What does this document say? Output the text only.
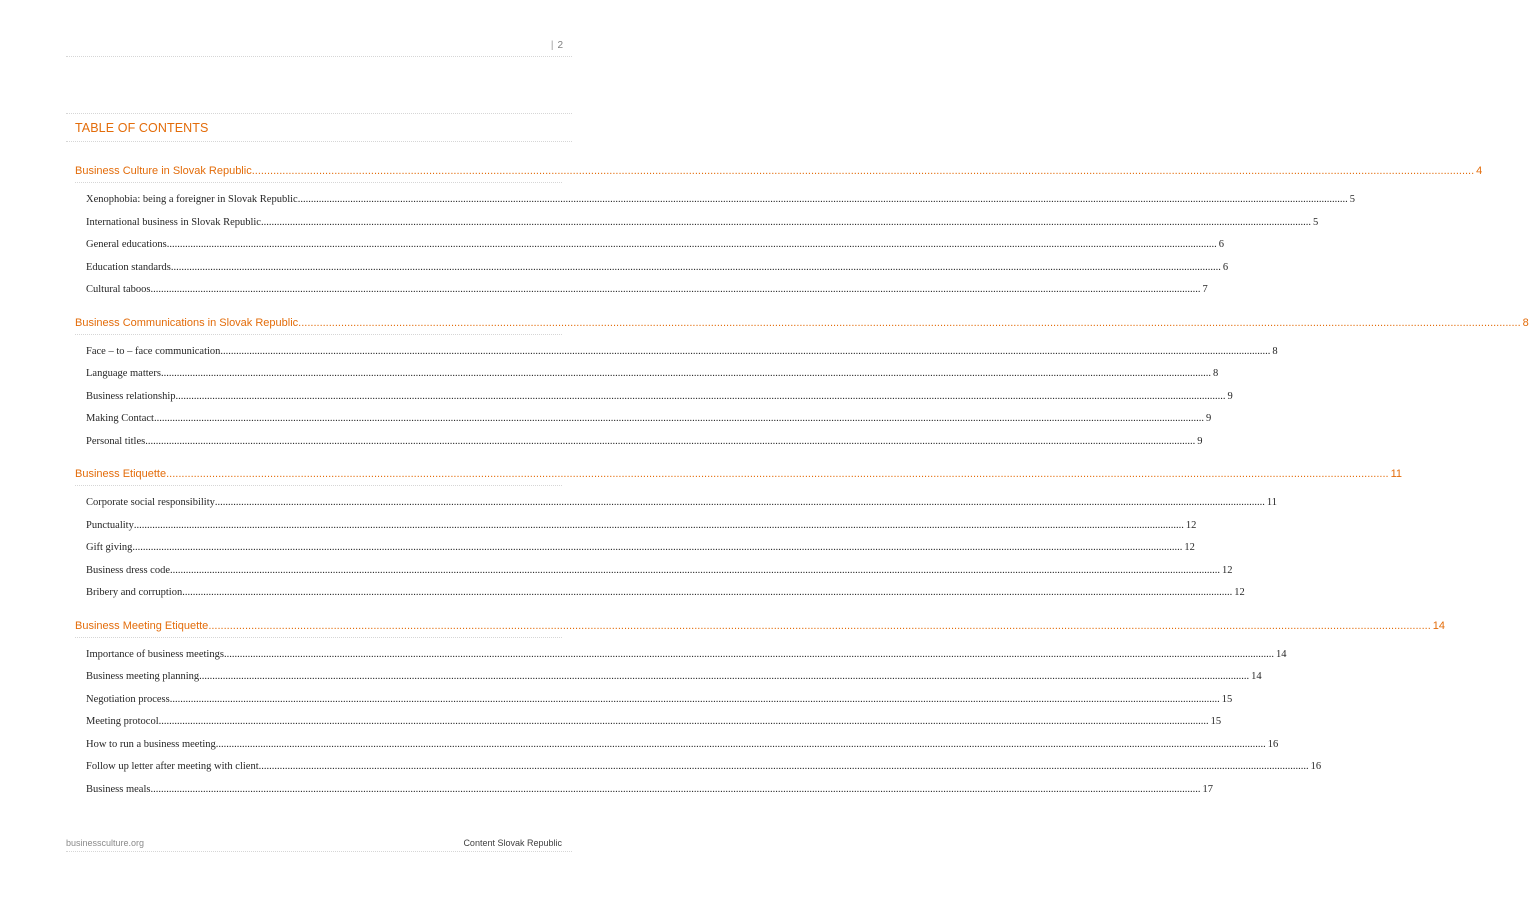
| 2
TABLE OF CONTENTS
Business Culture in Slovak Republic ................................................................................................................................................................................................................................................................................................................................................................................................................ 4
Xenophobia: being a foreigner in Slovak Republic ................................................................................................................................................................................................................................................................................................................................................................................................................ 5
International business in Slovak Republic ................................................................................................................................................................................................................................................................................................................................................................................................................ 5
General educations ................................................................................................................................................................................................................................................................................................................................................................................................................ 6
Education standards ................................................................................................................................................................................................................................................................................................................................................................................................................ 6
Cultural taboos ................................................................................................................................................................................................................................................................................................................................................................................................................ 7
Business Communications in Slovak Republic ................................................................................................................................................................................................................................................................................................................................................................................................................ 8
Face – to – face communication ................................................................................................................................................................................................................................................................................................................................................................................................................ 8
Language matters ................................................................................................................................................................................................................................................................................................................................................................................................................ 8
Business relationship ................................................................................................................................................................................................................................................................................................................................................................................................................ 9
Making Contact ................................................................................................................................................................................................................................................................................................................................................................................................................ 9
Personal titles ................................................................................................................................................................................................................................................................................................................................................................................................................ 9
Business Etiquette ................................................................................................................................................................................................................................................................................................................................................................................................................ 11
Corporate social responsibility ................................................................................................................................................................................................................................................................................................................................................................................................................ 11
Punctuality ................................................................................................................................................................................................................................................................................................................................................................................................................ 12
Gift giving ................................................................................................................................................................................................................................................................................................................................................................................................................ 12
Business dress code ................................................................................................................................................................................................................................................................................................................................................................................................................ 12
Bribery and corruption ................................................................................................................................................................................................................................................................................................................................................................................................................ 12
Business Meeting Etiquette ................................................................................................................................................................................................................................................................................................................................................................................................................ 14
Importance of business meetings ................................................................................................................................................................................................................................................................................................................................................................................................................ 14
Business meeting planning ................................................................................................................................................................................................................................................................................................................................................................................................................ 14
Negotiation process ................................................................................................................................................................................................................................................................................................................................................................................................................ 15
Meeting protocol ................................................................................................................................................................................................................................................................................................................................................................................................................ 15
How to run a business meeting ................................................................................................................................................................................................................................................................................................................................................................................................................ 16
Follow up letter after meeting with client ................................................................................................................................................................................................................................................................................................................................................................................................................ 16
Business meals ................................................................................................................................................................................................................................................................................................................................................................................................................ 17
businessculture.org	Content Slovak Republic
